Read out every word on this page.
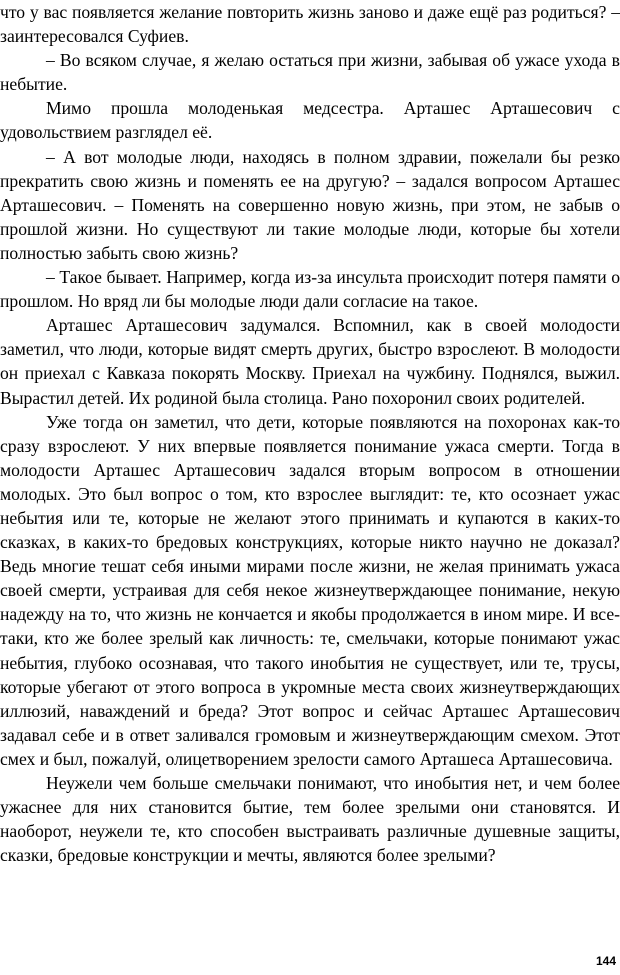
что у вас появляется желание повторить жизнь заново и даже ещё раз родиться? – заинтересовался Суфиев.

– Во всяком случае, я желаю остаться при жизни, забывая об ужасе ухода в небытие.

Мимо прошла молоденькая медсестра. Арташес Арташесович с удовольствием разглядел её.

– А вот молодые люди, находясь в полном здравии, пожелали бы резко прекратить свою жизнь и поменять ее на другую? – задался вопросом Арташес Арташесович. – Поменять на совершенно новую жизнь, при этом, не забыв о прошлой жизни. Но существуют ли такие молодые люди, которые бы хотели полностью забыть свою жизнь?

– Такое бывает. Например, когда из-за инсульта происходит потеря памяти о прошлом. Но вряд ли бы молодые люди дали согласие на такое.

Арташес Арташесович задумался. Вспомнил, как в своей молодости заметил, что люди, которые видят смерть других, быстро взрослеют. В молодости он приехал с Кавказа покорять Москву. Приехал на чужбину. Поднялся, выжил. Вырастил детей. Их родиной была столица. Рано похоронил своих родителей.

Уже тогда он заметил, что дети, которые появляются на похоронах как-то сразу взрослеют. У них впервые появляется понимание ужаса смерти. Тогда в молодости Арташес Арташесович задался вторым вопросом в отношении молодых. Это был вопрос о том, кто взрослее выглядит: те, кто осознает ужас небытия или те, которые не желают этого принимать и купаются в каких-то сказках, в каких-то бредовых конструкциях, которые никто научно не доказал? Ведь многие тешат себя иными мирами после жизни, не желая принимать ужаса своей смерти, устраивая для себя некое жизнеутверждающее понимание, некую надежду на то, что жизнь не кончается и якобы продолжается в ином мире. И все-таки, кто же более зрелый как личность: те, смельчаки, которые понимают ужас небытия, глубоко осознавая, что такого инобытия не существует, или те, трусы, которые убегают от этого вопроса в укромные места своих жизнеутверждающих иллюзий, наваждений и бреда? Этот вопрос и сейчас Арташес Арташесович задавал себе и в ответ заливался громовым и жизнеутверждающим смехом. Этот смех и был, пожалуй, олицетворением зрелости самого Арташеса Арташесовича.

Неужели чем больше смельчаки понимают, что инобытия нет, и чем более ужаснее для них становится бытие, тем более зрелыми они становятся. И наоборот, неужели те, кто способен выстраивать различные душевные защиты, сказки, бредовые конструкции и мечты, являются более зрелыми?

144
